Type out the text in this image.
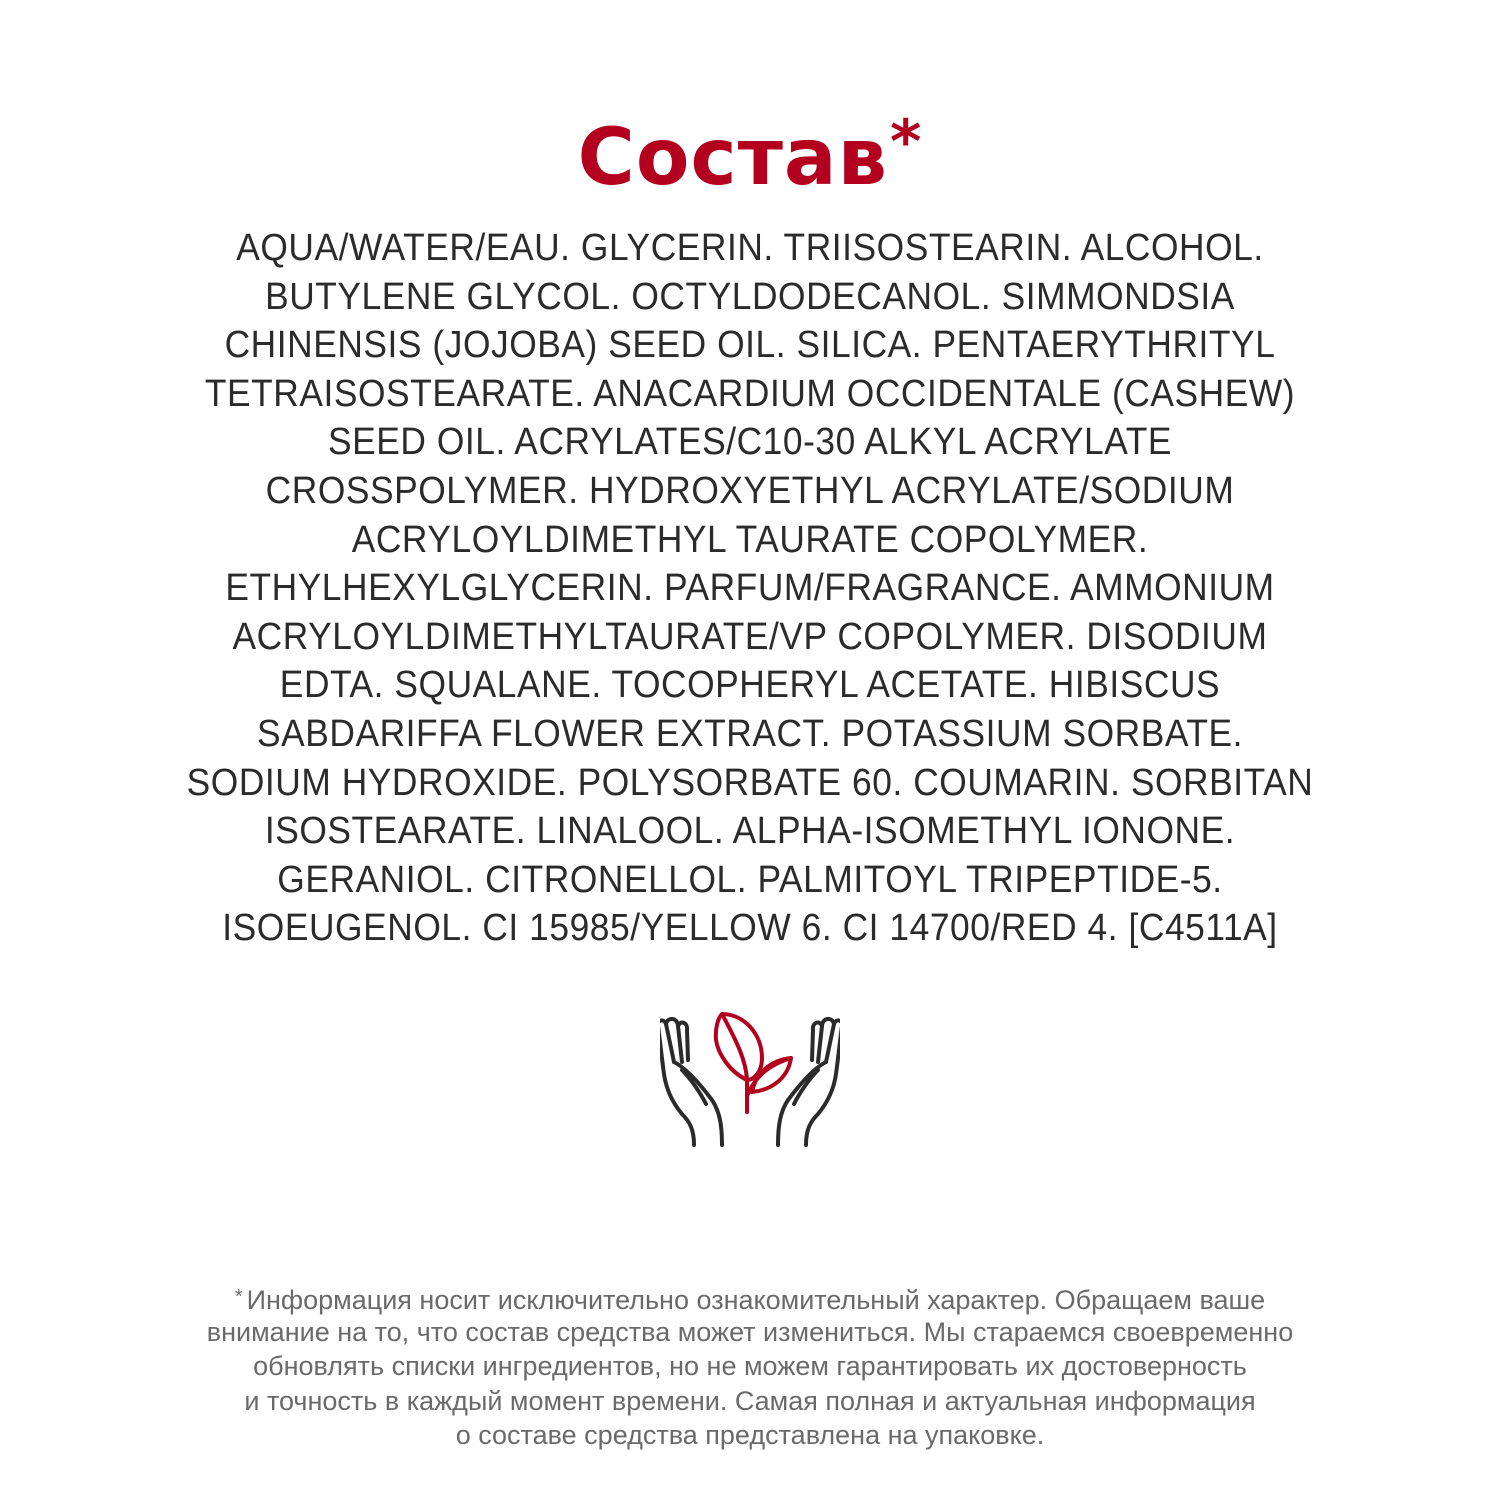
Состав*
AQUA/WATER/EAU. GLYCERIN. TRIISOSTEARIN. ALCOHOL.
BUTYLENE GLYCOL. OCTYLDODECANOL. SIMMONDSIA
CHINENSIS (JOJOBA) SEED OIL. SILICA. PENTAERYTHRITYL
TETRAISOSTEARATE. ANACARDIUM OCCIDENTALE (CASHEW)
SEED OIL. ACRYLATES/C10-30 ALKYL ACRYLATE
CROSSPOLYMER. HYDROXYETHYL ACRYLATE/SODIUM
ACRYLOYLDIMETHYL TAURATE COPOLYMER.
ETHYLHEXYLGLYCERIN. PARFUM/FRAGRANCE. AMMONIUM
ACRYLOYLDIMETHYLTAURATE/VP COPOLYMER. DISODIUM
EDTA. SQUALANE. TOCOPHERYL ACETATE. HIBISCUS
SABDARIFFA FLOWER EXTRACT. POTASSIUM SORBATE.
SODIUM HYDROXIDE. POLYSORBATE 60. COUMARIN. SORBITAN
ISOSTEARATE. LINALOOL. ALPHA-ISOMETHYL IONONE.
GERANIOL. CITRONELLOL. PALMITOYL TRIPEPTIDE-5.
ISOEUGENOL. CI 15985/YELLOW 6. CI 14700/RED 4. [C4511A]
* Информация носит исключительно ознакомительный характер. Обращаем ваше
внимание на то, что состав средства может измениться. Мы стараемся своевременно
обновлять списки ингредиентов, но не можем гарантировать их достоверность
и точность в каждый момент времени. Самая полная и актуальная информация
о составе средства представлена на упаковке.
